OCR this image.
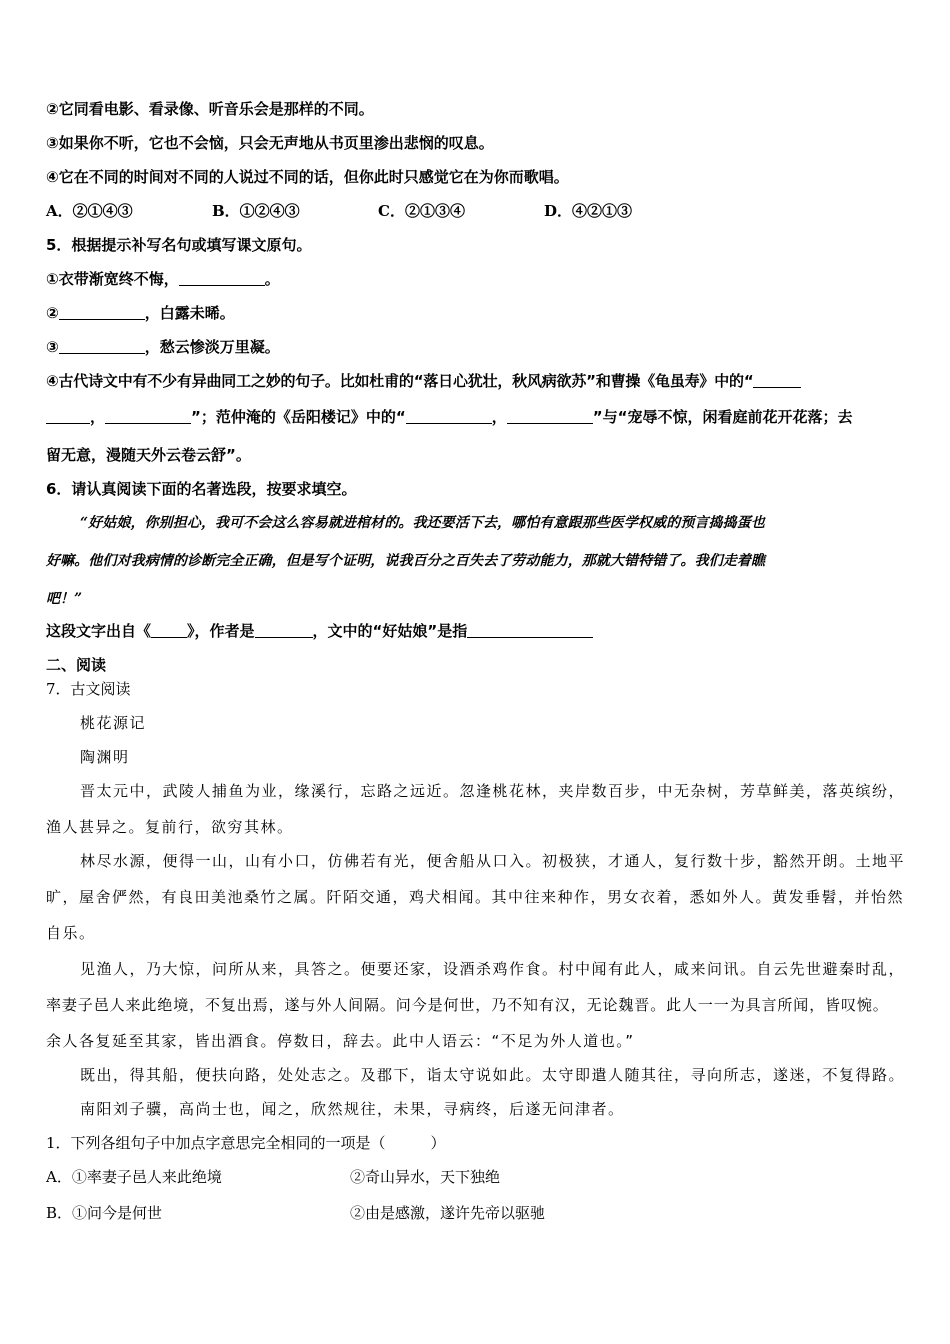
②它同看电影、看录像、听音乐会是那样的不同。
③如果你不听，它也不会恼，只会无声地从书页里渗出悲悯的叹息。
④它在不同的时间对不同的人说过不同的话，但你此时只感觉它在为你而歌唱。
A．②①④③	B．①②④③	C．②①③④	D．④②①③
5．根据提示补写名句或填写课文原句。
①衣带渐宽终不悔，	。
②	，白露未晞。
③	，愁云惨淡万里凝。
④古代诗文中有不少有异曲同工之妙的句子。比如杜甫的“落日心犹壮，秋风病欲苏”和曹操《龟虽寿》中的“
，	”；范仲淹的《岳阳楼记》中的“	，	”与“宠辱不惊，闲看庭前花开花落；去
留无意，漫随天外云卷云舒”。
6．请认真阅读下面的名著选段，按要求填空。
“好姑娘，你别担心，我可不会这么容易就进棺材的。我还要活下去，哪怕有意跟那些医学权威的预言捣捣蛋也
好嘛。他们对我病情的诊断完全正确，但是写个证明，说我百分之百失去了劳动能力，那就大错特错了。我们走着瞧
吧！”
这段文字出自《 》，作者是	，文中的“好姑娘”是指
二、阅读
7．古文阅读
桃花源记
陶渊明
晋太元中，武陵人捕鱼为业，缘溪行，忘路之远近。忽逢桃花林，夹岸数百步，中无杂树，芳草鲜美，落英缤纷，
渔人甚异之。复前行，欲穷其林。
林尽水源，便得一山，山有小口，仿佛若有光，便舍船从口入。初极狭，才通人，复行数十步，豁然开朗。土地平
旷，屋舍俨然，有良田美池桑竹之属。阡陌交通，鸡犬相闻。其中往来种作，男女衣着，悉如外人。黄发垂髫，并怡然
自乐。
见渔人，乃大惊，问所从来，具答之。便要还家，设酒杀鸡作食。村中闻有此人，咸来问讯。自云先世避秦时乱，
率妻子邑人来此绝境，不复出焉，遂与外人间隔。问今是何世，乃不知有汉，无论魏晋。此人一一为具言所闻，皆叹惋。
余人各复延至其家，皆出酒食。停数日，辞去。此中人语云：“不足为外人道也。”
既出，得其船，便扶向路，处处志之。及郡下，诣太守说如此。太守即遣人随其往，寻向所志，遂迷，不复得路。
南阳刘子骥，高尚士也，闻之，欣然规往，未果，寻病终，后遂无问津者。
1．下列各组句子中加点字意思完全相同的一项是（　　　）
A．①率妻子邑人来此绝境	②奇山异水，天下独绝
B．①问今是何世	②由是感激，遂许先帝以驱驰
